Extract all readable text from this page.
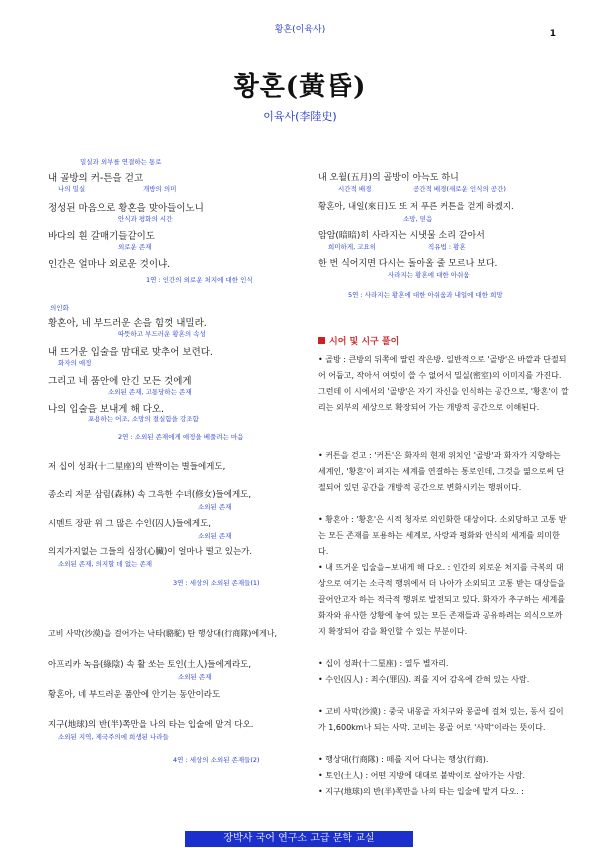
황혼(이육사)	1
황혼(黃昏)
이육사(李陸史)
밀실과 외부를 연결하는 통로
내 골방의 커-튼을 걷고
나의 밀실	개방의 의미
정성된 마음으로 황혼을 맞아들이노니
안식과 평화의 시간
바다의 흰 갈매기들같이도
외로운 존재
인간은 얼마나 외로운 것이냐.
1연 : 인간의 외로운 처지에 대한 인식
의인화
황혼아, 네 부드러운 손을 힘껏 내밀라.
따뜻하고 부드러운 황혼의 속성
내 뜨거운 입술을 맘대로 맞추어 보련다.
화자의 애정
그리고 네 품안에 안긴 모든 것에게
소외된 존재, 고통당하는 존재
나의 입술을 보내게 해 다오.
포용하는 어조, 소망의 절실함을 강조함
2연 : 소외된 존재에게 애정을 베풀려는 마음
저 십이 성좌(十二星座)의 반짝이는 별들에게도,
종소리 저문 삼림(森林) 속 그윽한 수녀(修女)들에게도,
소외된 존재
시멘트 장판 위 그 많은 수인(囚人)들에게도,
소외된 존재
의지가지없는 그들의 심장(心臟)이 얼마나 떨고 있는가.
소외된 존재, 의지할 데 없는 존재
3연 : 세상의 소외된 존재들(1)
고비 사막(沙漠)을 걸어가는 낙타(駱駝) 탄 행상대(行商隊)에게나,
아프리카 녹음(綠陰) 속 활 쏘는 토인(土人)들에게라도,
소외된 존재
황혼아, 네 부드러운 품안에 안기는 동안이라도
지구(地球)의 반(半)쪽만을 나의 타는 입술에 맡겨 다오.
소외된 지역, 제국주의에 희생된 나라들
4연 : 세상의 소외된 존재들(2)
내 오월(五月)의 골방이 아늑도 하니
시간적 배경	공간적 배경(새로운 인식의 공간)
황혼아, 내일(來日)도 또 저 푸른 커튼을 걷게 하겠지.
소망, 믿음
암암(暗暗)히 사라지는 시냇물 소리 같아서
희미하게, 고요히	직유법 : 황혼
한 번 식어지면 다시는 돌아올 줄 모르나 보다.
사라지는 황혼에 대한 아쉬움
5연 : 사라지는 황혼에 대한 아쉬움과 내일에 대한 희망
시어 및 시구 풀이
• 골방 : 큰방의 뒤쪽에 딸린 작은방. 일반적으로 '골방'은 바깥과 단절되어 어둡고, 작아서 여럿이 쓸 수 없어서 밀실(密室)의 이미지를 가진다. 그런데 이 시에서의 '골방'은 자기 자신을 인식하는 공간으로, '황혼'이 깔리는 외부의 세상으로 확장되어 가는 개방적 공간으로 이해된다.
• 커튼을 걷고 : '커튼'은 화자의 현재 위치인 '골방'과 화자가 지향하는 세계인, '황혼'이 펴지는 세계를 연결하는 통로인데, 그것을 엶으로써 단절되어 있던 공간을 개방적 공간으로 변화시키는 행위이다.
• 황혼아 : '황혼'은 시적 청자로 의인화한 대상이다. 소외당하고 고통 받는 모든 존재를 포용하는 세계로, 사랑과 평화와 안식의 세계를 의미한다.
• 내 뜨거운 입술을~보내게 해 다오. : 인간의 외로운 처지를 극복의 대상으로 여기는 소극적 행위에서 더 나아가 소외되고 고통 받는 대상들을 끌어안고자 하는 적극적 행위로 발전되고 있다. 화자가 추구하는 세계를 화자와 유사한 상황에 놓여 있는 모든 존재들과 공유하려는 의식으로까지 확장되어 감을 확인할 수 있는 부분이다.
• 십이 성좌(十二星座) : 열두 별자리.
• 수인(囚人) : 죄수(罪囚). 죄를 지어 감옥에 갇혀 있는 사람.
• 고비 사막(沙漠) : 중국 내몽골 자치구와 몽골에 걸쳐 있는, 동서 길이가 1,600km나 되는 사막. 고비는 몽골 어로 '사막'이라는 뜻이다.
• 행상대(行商隊) : 떼를 지어 다니는 행상(行商).
• 토인(土人) : 어떤 지방에 대대로 붙박이로 살아가는 사람.
• 지구(地球)의 반(半)쪽만을 나의 타는 입술에 맡겨 다오. :
장박사 국어 연구소 고급 문학 교실
